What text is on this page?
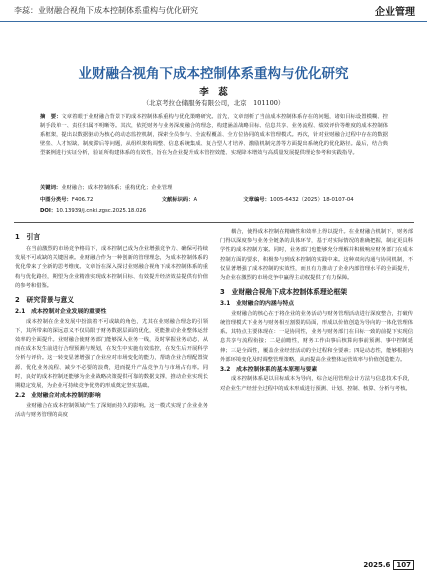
李蕊：业财融合视角下成本控制体系重构与优化研究	企业管理
业财融合视角下成本控制体系重构与优化研究
李　蕊
（北京考拉仓储服务有限公司，北京　101100）
摘　要：文章着眼于业财融合背景下的成本控制体系重构与优化策略研究。首先，文章剖析了当前成本控制体系存在的问题，诸如目标设置模糊、控制手段单一、责任归属不明晰等。其次，依托财务与业务深度融合的理念，构建涵盖战略目标、信息共享、业务流程、绩效评价等维度的成本控制体系框架，提出以数据驱动为核心的动态监控机制，探索全员参与、全流程覆盖、全方位协同的成本管理模式。再次，针对业财融合过程中存在的数据壁垒、人才短缺、制度滞后等问题，从组织架构调整、信息系统集成、复合型人才培养、激励机制完善等方面提出系统化的优化路径。最后，结合典型案例进行实证分析，验证所构建体系的有效性，旨在为企业提升成本管控效能、实现降本增效与高质量发展提供理论参考和实践指导。
关键词：业财融合；成本控制体系；重构优化；企业管理
中图分类号：F406.72	文献标识码：A	文章编号：1005-6432（2025）18-0107-04
DOI：10.13939/j.cnki.zgsc.2025.18.026
1　引言
在当前激烈的市场竞争格局下，成本控制已成为企业增强竞争力、确保可持续发展不可或缺的关键因素。业财融合作为一种创新的管理理念，为成本控制体系的优化带来了全新的思考维度。文章旨在深入探讨业财融合视角下成本控制体系的重构与优化路径，期望为企业精准实现成本控制目标、有效提升经济效益提供有价值的参考和借鉴。
2　研究背景与意义
2.1　成本控制对企业发展的重要性
成本控制在企业发展中扮演着不可或缺的角色，尤其在业财融合理念的引领下，其所带来的深远意义不仅局限于财务数据层面的优化，更能推动企业整体运营效率的全面提升。业财融合使财务部门能够深入业务一线，及时掌握业务动态，从而在成本发生前进行合理预测与规划，在发生中实施有效监控，在发生后开展科学分析与评价。这一转变显著增强了企业应对市场变化的能力，帮助企业合理配置资源、优化业务流程、减少不必要的浪费，进而提升产品竞争力与市场占有率。同时，良好的成本控制还能够为企业战略决策提供可靠的数据支撑，推动企业实现长期稳定发展，为企业可持续竞争优势的形成奠定坚实基础。
2.2　业财融合对成本控制的影响
业财融合在成本控制领域产生了深刻而持久的影响。这一模式实现了企业业务活动与财务管理的高度
耦合，使得成本控制在精确性和效率上得以提升。在业财融合机制下，财务部门得以深度参与业务全链条的具体环节，基于对实际情况的准确把握，制定更具科学性的成本控制方案。同时，业务部门也能够充分理解并积极响应财务部门在成本控制方面的要求，积极参与到成本控制的实践中来。这种双向沟通与协同机制，不仅显著增强了成本控制的实效性，而且有力推动了企业内部管理水平的全面提升，为企业在激烈的市场竞争中赢得主动权提供了有力保障。
3　业财融合视角下成本控制体系理论框架
3.1　业财融合的内涵与特点
业财融合的核心在于将企业的业务活动与财务管理活动进行深度整合，打破传统管理模式下业务与财务相互割裂的局面，形成以价值创造为导向的一体化管理体系。其特点主要体现在：一是协同性，业务与财务部门在目标一致的前提下实现信息共享与流程衔接；二是前瞻性，财务工作由事后核算向事前预测、事中控制延伸；三是全面性，覆盖企业经营活动的全过程和全要素；四是动态性，能够根据内外部环境变化及时调整管理策略，从而提高企业整体运营效率与价值创造能力。
3.2　成本控制体系的基本原理与要素
成本控制体系是以目标成本为导向，综合运用管理会计方法与信息技术手段，对企业生产经营全过程中的成本形成进行预测、计划、控制、核算、分析与考核。
2025.6 107
